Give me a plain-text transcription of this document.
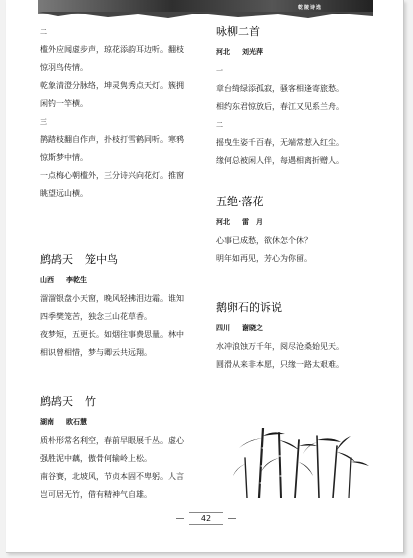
乾陵诗选

二

槛外应闻虚步声，琼花添韵耳边听。翻枝

惊羽鸟传情。

乾象清澄分脉络，坤灵隽秀点天灯。簇拥

闲钓一竿横。

三

鹊踏枝翻自作声，扑枝打雪鹤同听。寒鸦

惊斯梦中情。

一点梅心朝槛外，三分诗兴向花灯。推窗

眺望远山横。

鹧鸪天 笼中鸟

山西 李乾生

溜溜银盘小天窗，晚风轻拂泪边霜。谁知

四季樊笼苦，独念三山花草香。

夜梦短，五更长。如烟往事费思量。林中

相识曾相惜，梦与卿云共远翔。

鹧鸪天 竹

湖南 欧石慧

质朴形常名利空，春前早眼展千丛。虚心

强胜泥中藕，傲骨何输岭上松。

南谷赛，北坡风，节贞本固不卑躬。人言

岂可居无竹，借有精神气自雄。

咏柳二首

河北 刘光萍

一

章台绮绿添孤寂，骚客相逢寄旅愁。

相约东君惊放后，春江又见系兰舟。

二

摇曳生姿千百春，无端常惹入红尘。

缘何总被闲人伴，每遇相离折赠人。

五绝·落花

河北 雷　月

心事已成愁，欲休怎个休？

明年如再见，芳心为你留。

鹅卵石的诉说

四川 谢晓之

水冲浪蚀万千年，阅尽沧桑始见天。

圆滑从来非本愿，只缘一路太艰难。

42
